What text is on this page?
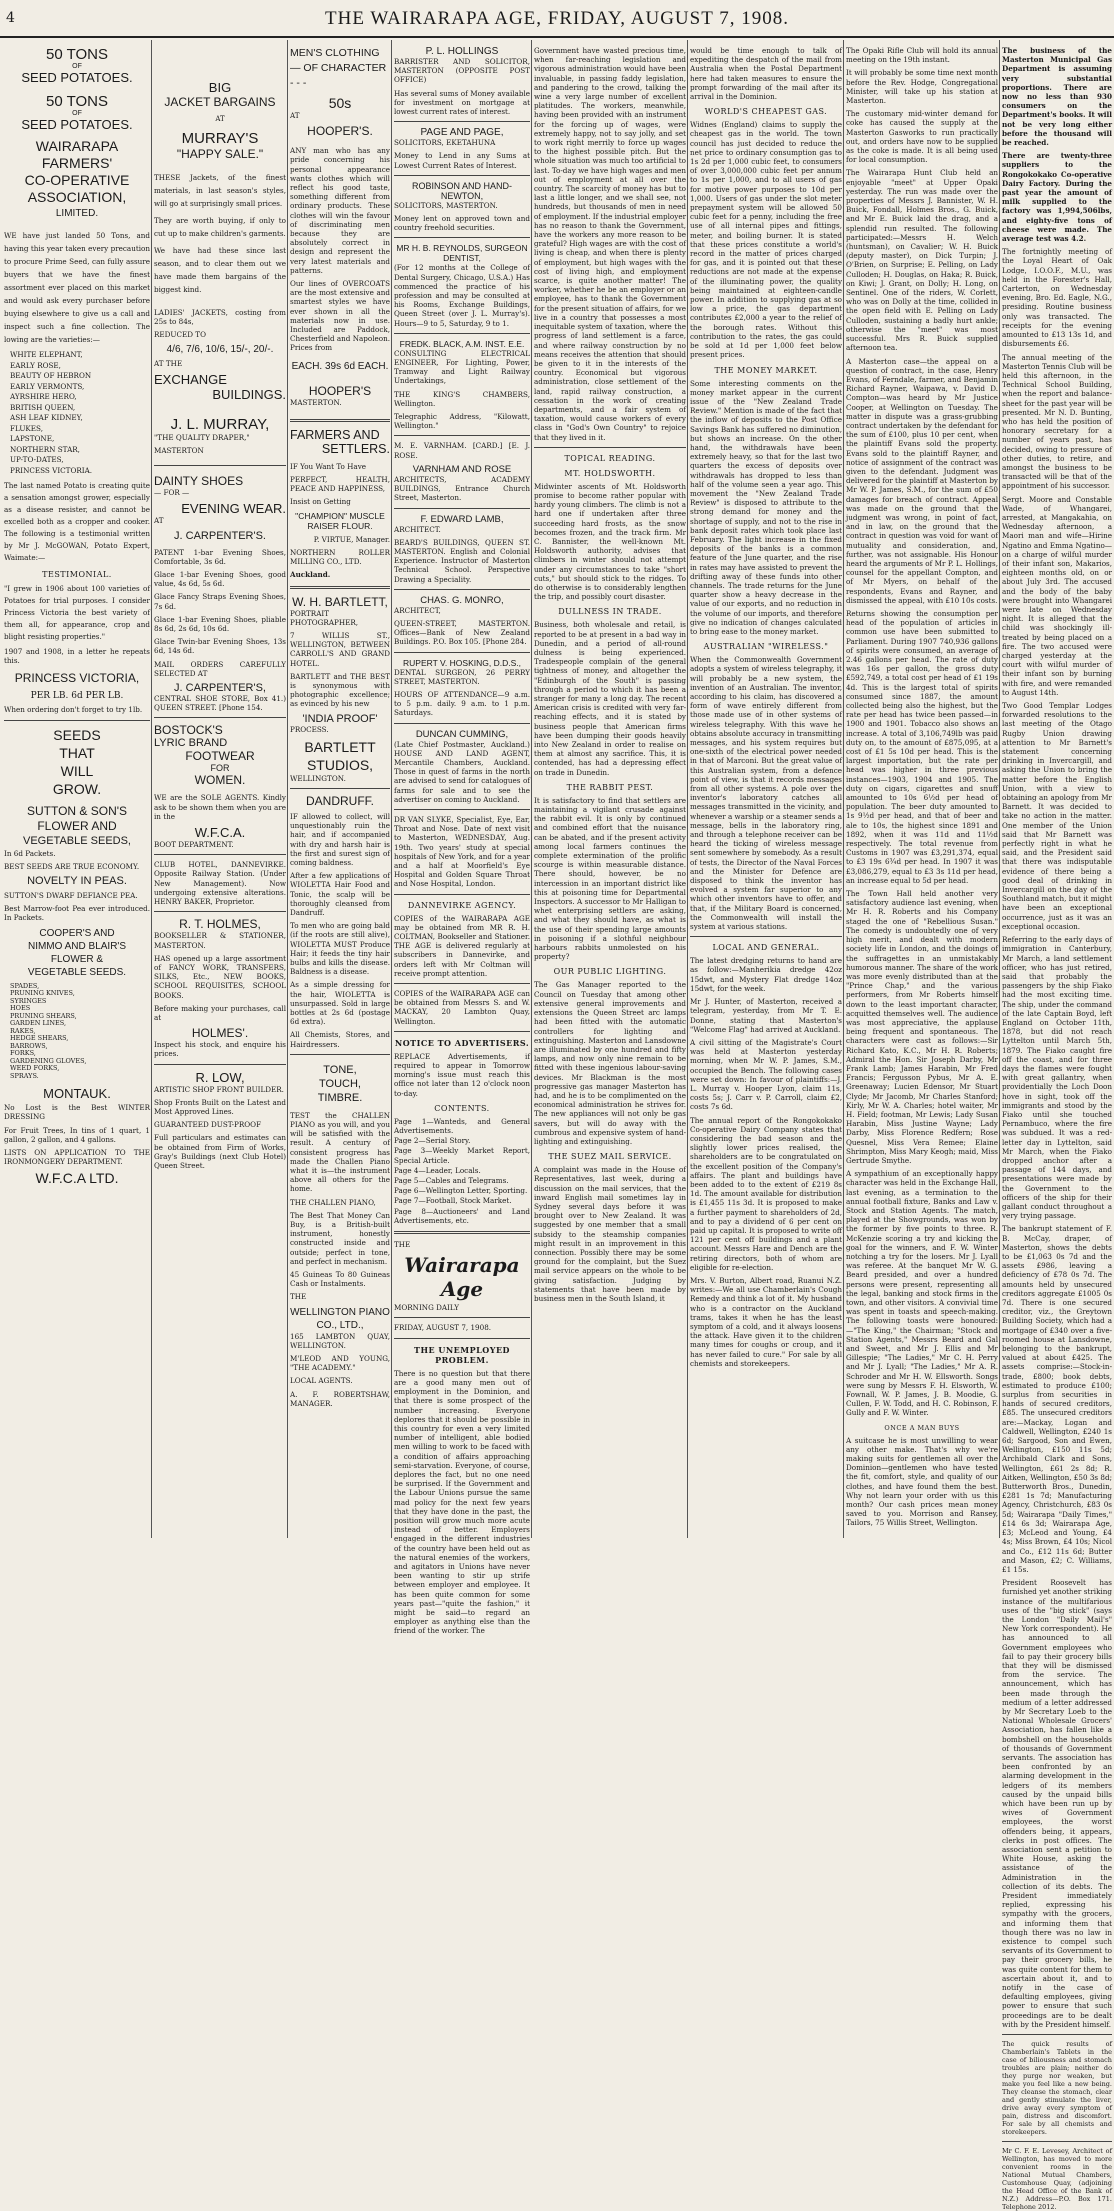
4	THE WAIRARAPA AGE, FRIDAY, AUGUST 7, 1908.
50 TONS
OF
SEED POTATOES.
50 TONS
OF
SEED POTATOES.
WAIRARAPA
FARMERS'
CO-OPERATIVE
ASSOCIATION,
LIMITED.

WE have just landed 50 Tons, and having this year taken every precaution to procure Prime Seed, can fully assure buyers that we have the finest assortment ever placed on this market and would ask every purchaser before buying elsewhere to give us a call and inspect such a fine collection. The lowing are the varieties:—

WHITE ELEPHANT,
EARLY ROSE,
BEAUTY OF HEBRON
EARLY VERMONTS,
AYRSHIRE HERO,
BRITISH QUEEN,
ASH LEAF KIDNEY,
FLUKES,
LAPSTONE,
NORTHERN STAR,
UP-TO-DATES,
PRINCESS VICTORIA.

The last named Potato is creating quite a sensation amongst grower, especially as a disease resister, and cannot be excelled both as a cropper and cooker. The following is a testimonial written by Mr J. McGOWAN, Potato Expert, Waimate:—

TESTIMONIAL.

"I grew in 1906 about 100 varieties of Potatoes for trial purposes. I consider Princess Victoria the best variety of them all, for appearance, crop and blight resisting properties."

1907 and 1908, in a letter he repeats this.

PRINCESS VICTORIA,
PER LB. 6d PER LB.

When ordering don't forget to try 1lb.

SEEDS
THAT
WILL
GROW.
SUTTON & SON'S
FLOWER AND
VEGETABLE SEEDS,

In 6d Packets.

BEST SEEDS ARE TRUE ECONOMY.

NOVELTY IN PEAS.

SUTTON'S DWARF DEFIANCE PEA.

Best Marrow-foot Pea ever introduced. In Packets.

COOPER'S AND
NIMMO AND BLAIR'S
FLOWER &
VEGETABLE SEEDS.
SPADES,
PRUNING KNIVES,
SYRINGES
HOES
PRUNING SHEARS,
GARDEN LINES,
RAKES,
HEDGE SHEARS,
BARROWS,
FORKS,
GARDENING GLOVES,
WEED FORKS,
SPRAYS.
MONTAUK.

No Lost is the Best WINTER DRESSING

For Fruit Trees, In tins of 1 quart, 1 gallon, 2 gallon, and 4 gallons.

LISTS ON APPLICATION TO THE IRONMONGERY DEPARTMENT.

W.F.C.A LTD.
BIG
JACKET BARGAINS
AT
MURRAY'S
"HAPPY SALE."

THESE Jackets, of the finest materials, in last season's styles, will go at surprisingly small prices.

They are worth buying, if only to cut up to make children's garments.

We have had these since last season, and to clear them out we have made them bargains of the biggest kind.

LADIES' JACKETS, costing from 25s to 84s,

REDUCED TO

4/6, 7/6, 10/6, 15/-, 20/-.

AT THE

EXCHANGE
BUILDINGS.
J. L. MURRAY,

"THE QUALITY DRAPER,"

MASTERTON

DAINTY SHOES

— FOR —

EVENING WEAR.

AT

J. CARPENTER'S.

PATENT 1-bar Evening Shoes, Comfortable, 3s 6d.

Glace 1-bar Evening Shoes, good value, 4s 6d, 5s 6d.

Glace Fancy Straps Evening Shoes, 7s 6d.

Glace 1-bar Evening Shoes, pliable 8s 6d, 2s 6d, 10s 6d.

Glace Twin-bar Evening Shoes, 13s 6d, 14s 6d.

MAIL ORDERS CAREFULLY SELECTED AT

J. CARPENTER'S,

CENTRAL SHOE STORE, Box 41.) QUEEN STREET. [Phone 154.

BOSTOCK'S
LYRIC BRAND
FOOTWEAR
FOR
WOMEN.

WE are the SOLE AGENTS. Kindly ask to be shown them when you are in the

W.F.C.A.

BOOT DEPARTMENT.

CLUB HOTEL, DANNEVIRKE. Opposite Railway Station. (Under New Management). Now undergoing extensive alterations. HENRY BAKER, Proprietor.

R. T. HOLMES,

BOOKSELLER & STATIONER, MASTERTON.

HAS opened up a large assortment of FANCY WORK, TRANSFERS, SILKS, Etc., NEW BOOKS, SCHOOL REQUISITES, SCHOOL BOOKS.

Before making your purchases, call at

HOLMES'.

Inspect his stock, and enquire his prices.

R. LOW,

ARTISTIC SHOP FRONT BUILDER.

Shop Fronts Built on the Latest and Most Approved Lines.

GUARANTEED DUST-PROOF

Full particulars and estimates can be obtained from Firm of Works, Gray's Buildings (next Club Hotel) Queen Street.

MEN'S CLOTHING — OF CHARACTER - - -
50s

AT

HOOPER'S.

ANY man who has any pride concerning his personal appearance wants clothes which will reflect his good taste, something different from ordinary products. These clothes will win the favour of discriminating men because they are absolutely correct in design and represent the very latest materials and patterns.

Our lines of OVERCOATS are the most extensive and smartest styles we have ever shown in all the materials now in use. Included are Paddock, Chesterfield and Napoleon. Prices from

EACH. 39s 6d EACH.
HOOPER'S

MASTERTON.

FARMERS AND
SETTLERS.

IF You Want To Have

PERFECT, HEALTH, PEACE AND HAPPINESS,

Insist on Getting

"CHAMPION" MUSCLE RAISER FLOUR.

P. VIRTUE, Manager.

NORTHERN ROLLER MILLING CO., LTD.

Auckland.

W. H. BARTLETT,

PORTRAIT PHOTOGRAPHER,

7 WILLIS ST., WELLINGTON, BETWEEN CARROLL'S AND GRAND HOTEL.

BARTLETT and THE BEST is synonymous with photographic excellence; as evinced by his new

'INDIA PROOF'

PROCESS.

BARTLETT STUDIOS,

WELLINGTON.

DANDRUFF.

IF allowed to collect, will unquestionably ruin the hair, and if accompanied with dry and harsh hair is the first and surest sign of coming baldness.

After a few applications of WIOLETTA Hair Food and Tonic, the scalp will be thoroughly cleansed from Dandruff.

To men who are going bald (if the roots are still alive), WIOLETTA MUST Produce Hair; it feeds the tiny hair bulbs and kills the disease. Baldness is a disease.

As a simple dressing for the hair, WIOLETTA is unsurpassed. Sold in large bottles at 2s 6d (postage 6d extra).

All Chemists, Stores, and Hairdressers.

TONE,
TOUCH,
TIMBRE.

TEST the CHALLEN PIANO as you will, and you will be satisfied with the result. A century of consistent progress has made the Challen Piano what it is—the instrument above all others for the home.

THE CHALLEN PIANO,

The Best That Money Can Buy, is a British-built instrument, honestly constructed inside and outside; perfect in tone, and perfect in mechanism.

45 Guineas To 80 Guineas Cash or Instalments.

THE

WELLINGTON PIANO CO., LTD.,

165 LAMBTON QUAY, WELLINGTON.

M'LEOD AND YOUNG, "THE ACADEMY."

LOCAL AGENTS.

A. F. ROBERTSHAW, MANAGER.

P. L. HOLLINGS

BARRISTER AND SOLICITOR, MASTERTON (OPPOSITE POST OFFICE)

Has several sums of Money available for investment on mortgage at lowest current rates of interest.

PAGE AND PAGE,

SOLICITORS, EKETAHUNA

Money to Lend in any Sums at Lowest Current Rates of Interest.

ROBINSON AND HAND-NEWTON,

SOLICITORS, MASTERTON.

Money lent on approved town and country freehold securities.

MR H. B. REYNOLDS, SURGEON DENTIST,

(For 12 months at the College of Dental Surgery, Chicago, U.S.A.) Has commenced the practice of his profession and may be consulted at his Rooms, Exchange Buildings, Queen Street (over J. L. Murray's). Hours—9 to 5, Saturday, 9 to 1.

FREDK. BLACK, A.M. INST. E.E.

CONSULTING ELECTRICAL ENGINEER, For Lighting, Power, Tramway and Light Railway Undertakings,

THE KING'S CHAMBERS, Wellington.

Telegraphic Address, "Kilowatt, Wellington."

M. E. VARNHAM. [CARD.] [E. J. ROSE.

VARNHAM AND ROSE

ARCHITECTS, ACADEMY BUILDINGS, Entrance Church Street, Masterton.

F. EDWARD LAMB,

ARCHITECT.

BEARD'S BUILDINGS, QUEEN ST. MASTERTON. English and Colonial Experience. Instructor of Masterton Technical School. Perspective Drawing a Speciality.

CHAS. G. MONRO,

ARCHITECT,

QUEEN-STREET, MASTERTON. Offices—Bank of New Zealand Buildings. P.O. Box 105. [Phone 284.

RUPERT V. HOSKING, D.D.S.,

DENTAL SURGEON, 26 PERRY STREET, MASTERTON.

HOURS OF ATTENDANCE—9 a.m. to 5 p.m. daily. 9 a.m. to 1 p.m. Saturdays.

DUNCAN CUMMING,

(Late Chief Postmaster, Auckland.) HOUSE AND LAND AGENT, Mercantile Chambers, Auckland. Those in quest of farms in the north are advised to send for catalogues of farms for sale and to see the advertiser on coming to Auckland.

DR VAN SLYKE, Specialist, Eye, Ear, Throat and Nose. Date of next visit to Masterton, WEDNESDAY, Aug. 19th. Two years' study at special hospitals of New York, and for a year and a half at Moorfield's Eye Hospital and Golden Square Throat and Nose Hospital, London.

DANNEVIRKE AGENCY.

COPIES of the WAIRARAPA AGE may be obtained from MR R. H. COLTMAN, Bookseller and Stationer. THE AGE is delivered regularly at subscribers in Dannevirke, and orders left with Mr Coltman will receive prompt attention.

COPIES of the WAIRARAPA AGE can be obtained from Messrs S. and W. MACKAY, 20 Lambton Quay, Wellington.

NOTICE TO ADVERTISERS.

REPLACE Advertisements, if required to appear in Tomorrow morning's issue must reach this office not later than 12 o'clock noon to-day.

CONTENTS.

Page 1—Wanteds, and General Advertisements.

Page 2—Serial Story.

Page 3—Weekly Market Report, Special Article.

Page 4—Leader, Locals.

Page 5—Cables and Telegrams.

Page 6—Wellington Letter, Sporting.

Page 7—Football, Stock Market.

Page 8—Auctioneers' and Land Advertisements, etc.

THE

Wairarapa Age

MORNING DAILY

FRIDAY, AUGUST 7, 1908.

THE UNEMPLOYED PROBLEM.

There is no question but that there are a good many men out of employment in the Dominion, and that there is some prospect of the number increasing. Everyone deplores that it should be possible in this country for even a very limited number of intelligent, able bodied men willing to work to be faced with a condition of affairs approaching semi-starvation. Everyone, of course, deplores the fact, but no one need be surprised. If the Government and the Labour Unions pursue the same mad policy for the next few years that they have done in the past, the position will grow much more acute instead of better. Employers engaged in the different industries of the country have been held out as the natural enemies of the workers, and agitators in Unions have never been wanting to stir up strife between employer and employee. It has been quite common for some years past—"quite the fashion," it might be said—to regard an employer as anything else than the friend of the worker. The

Government have wasted precious time, when far-reaching legislation and vigorous administration would have been invaluable, in passing faddy legislation, and pandering to the crowd, talking the wine a very large number of excellent platitudes. The workers, meanwhile, having been provided with an instrument for the forcing up of wages, were extremely happy, not to say jolly, and set to work right merrily to force up wages to the highest possible pitch. But the whole situation was much too artificial to last. To-day we have high wages and men out of employment at all over the country. The scarcity of money has but to last a little longer, and we shall see, not hundreds, but thousands of men in need of employment. If the industrial employer has no reason to thank the Government, have the workers any more reason to be grateful? High wages are with the cost of living is cheap, and when there is plenty of employment, but high wages with the cost of living high, and employment scarce, is quite another matter! The worker, whether he be an employer or an employee, has to thank the Government for the present situation of affairs, for we live in a country that possesses a most inequitable system of taxation, where the progress of land settlement is a farce, and where railway construction by no means receives the attention that should be given to it in the interests of the country. Economical but vigorous administration, close settlement of the land, rapid railway construction, a cessation in the work of creating departments, and a fair system of taxation, would cause workers of every class in "God's Own Country" to rejoice that they lived in it.

TOPICAL READING.
MT. HOLDSWORTH.

Midwinter ascents of Mt. Holdsworth promise to become rather popular with hardy young climbers. The climb is not a hard one if undertaken after three succeeding hard frosts, as the snow becomes frozen, and the track firm. Mr C. Bannister, the well-known Mt. Holdsworth authority, advises that climbers in winter should not attempt under any circumstances to take "short cuts," but should stick to the ridges. To do otherwise is to considerably lengthen the trip, and possibly court disaster.

DULLNESS IN TRADE.

Business, both wholesale and retail, is reported to be at present in a bad way in Dunedin, and a period of all-round dulness is being experienced. Tradespeople complain of the general tightness of money, and altogether the "Edinburgh of the South" is passing through a period to which it has been a stranger for many a long day. The recent American crisis is credited with very far-reaching effects, and it is stated by business people that American firms have been dumping their goods heavily into New Zealand in order to realise on them at almost any sacrifice. This, it is contended, has had a depressing effect on trade in Dunedin.

THE RABBIT PEST.

It is satisfactory to find that settlers are maintaining a vigilant crusade against the rabbit evil. It is only by continued and combined effort that the nuisance can be abated, and if the present activity among local farmers continues the complete extermination of the prolific scourge is within measurable distance. There should, however, be no intercession in an important district like this at poisoning time for Departmental Inspectors. A successor to Mr Halligan to whet enterprising settlers are asking, and what they should have, as what is the use of their spending large amounts in poisoning if a slothful neighbour harbours rabbits unmolested on his property?

OUR PUBLIC LIGHTING.

The Gas Manager reported to the Council on Tuesday that among other extensive general improvements and extensions the Queen Street arc lamps had been fitted with the automatic controllers for lighting and extinguishing. Masterton and Lansdowne are illuminated by one hundred and fifty lamps, and now only nine remain to be fitted with these ingenious labour-saving devices. Mr Blackman is the most progressive gas manager Masterton has had, and he is to be complimented on the economical administration he strives for. The new appliances will not only be gas savers, but will do away with the cumbrous and expensive system of hand-lighting and extinguishing.

THE SUEZ MAIL SERVICE.

A complaint was made in the House of Representatives, last week, during a discussion on the mail services, that the inward English mail sometimes lay in Sydney several days before it was brought over to New Zealand. It was suggested by one member that a small subsidy to the steamship companies might result in an improvement in this connection. Possibly there may be some ground for the complaint, but the Suez mail service appears on the whole to be giving satisfaction. Judging by statements that have been made by business men in the South Island, it

would be time enough to talk of expediting the despatch of the mail from Australia when the Postal Department here had taken measures to ensure the prompt forwarding of the mail after its arrival in the Dominion.

WORLD'S CHEAPEST GAS.

Widnes (England) claims to supply the cheapest gas in the world. The town council has just decided to reduce the net price to ordinary consumption gas to 1s 2d per 1,000 cubic feet, to consumers of over 3,000,000 cubic feet per annum to 1s per 1,000, and to all users of gas for motive power purposes to 10d per 1,000. Users of gas under the slot meter prepayment system will be allowed 50 cubic feet for a penny, including the free use of all internal pipes and fittings, meter, and boiling burner. It is stated that these prices constitute a world's record in the matter of prices charged for gas, and it is pointed out that these reductions are not made at the expense of the illuminating power, the quality being maintained at eighteen-candle power. In addition to supplying gas at so low a price, the gas department contributes £2,000 a year to the relief of the borough rates. Without this contribution to the rates, the gas could be sold at 1d per 1,000 feet below present prices.

THE MONEY MARKET.

Some interesting comments on the money market appear in the current issue of the "New Zealand Trade Review." Mention is made of the fact that the inflow of deposits to the Post Office Savings Bank has suffered no diminution, but shows an increase. On the other hand, the withdrawals have been extremely heavy, so that for the last two quarters the excess of deposits over withdrawals has dropped to less than half of the volume seen a year ago. This movement the "New Zealand Trade Review" is disposed to attribute to the strong demand for money and the shortage of supply, and not to the rise in bank deposit rates which took place last February. The light increase in the fixed deposits of the banks is a common feature of the June quarter, and the rise in rates may have assisted to prevent the drifting away of these funds into other channels. The trade returns for the June quarter show a heavy decrease in the value of our exports, and no reduction in the volume of our imports, and therefore give no indication of changes calculated to bring ease to the money market.

AUSTRALIAN "WIRELESS."

When the Commonwealth Government adopts a system of wireless telegraphy, it will probably be a new system, the invention of an Australian. The inventor, according to his claim, has discovered a form of wave entirely different from those made use of in other systems of wireless telegraphy. With this wave he obtains absolute accuracy in transmitting messages, and his system requires but one-sixth of the electrical power needed in that of Marconi. But the great value of this Australian system, from a defence point of view, is that it records messages from all other systems. A pole over the inventor's laboratory catches all messages transmitted in the vicinity, and whenever a warship or a steamer sends a message, bells in the laboratory ring, and through a telephone receiver can be heard the ticking of wireless message sent somewhere by somebody. As a result of tests, the Director of the Naval Forces and the Minister for Defence are disposed to think the inventor has evolved a system far superior to any which other inventors have to offer, and that, if the Military Board is concerned, the Commonwealth will install the system at various stations.

LOCAL AND GENERAL.

The latest dredging returns to hand are as follow:—Manherikia dredge 42oz 15dwt, and Mystery Flat dredge 14oz 15dwt, for the week.

Mr J. Hunter, of Masterton, received a telegram, yesterday, from Mr T. E. Donne, stating that Masterton's "Welcome Flag" had arrived at Auckland.

A civil sitting of the Magistrate's Court was held at Masterton yesterday morning, when Mr W. P. James, S.M., occupied the Bench. The following cases were set down: In favour of plaintiffs:—J. L. Murray v. Hooper Lyon, claim 11s, costs 5s; J. Carr v. P. Carroll, claim £2, costs 7s 6d.

The annual report of the Rongokokako Co-operative Dairy Company states that considering the bad season and the slightly lower prices realised, the shareholders are to be congratulated on the excellent position of the Company's affairs. The plant and buildings have been added to to the extent of £219 8s 1d. The amount available for distribution is £1,455 11s 3d. It is proposed to make a further payment to shareholders of 2d, and to pay a dividend of 6 per cent on paid up capital. It is proposed to write off 121 per cent off buildings and a plant account. Messrs Hare and Dench are the retiring directors, both of whom are eligible for re-election.

Mrs. V. Burton, Albert road, Ruanui N.Z. writes:—We all use Chamberlain's Cough Remedy and think a lot of it. My husband who is a contractor on the Auckland trams, takes it when he has the least symptom of a cold, and it always loosens the attack. Have given it to the children many times for coughs or croup, and it has never failed to cure." For sale by all chemists and storekeepers.

The Opaki Rifle Club will hold its annual meeting on the 19th instant.

It will probably be some time next month before the Rev. Hodge, Congregational Minister, will take up his station at Masterton.

The customary mid-winter demand for coke has caused the supply at the Masterton Gasworks to run practically out, and orders have now to be supplied as the coke is made. It is all being used for local consumption.

The Wairarapa Hunt Club held an enjoyable "meet" at Upper Opaki yesterday. The run was made over the properties of Messrs J. Bannister, W. H. Buick, Fondall, Holmes Bros., G. Buick, and Mr E. Buick laid the drag, and a splendid run resulted. The following participated:—Messrs H. Welch (huntsman), on Cavalier; W. H. Buick (deputy master), on Dick Turpin; J. O'Brien, on Surprise; E. Pelling, on Lady Culloden; H. Douglas, on Haka; R. Buick, on Kiwi; J. Grant, on Dolly; H. Long, on Sentinel. One of the riders, W. Corlett, who was on Dolly at the time, collided in the open field with E. Pelling on Lady Culloden, sustaining a badly hurt ankle; otherwise the "meet" was most successful. Mrs R. Buick supplied afternoon tea.

A Masterton case—the appeal on a question of contract, in the case, Henry Evans, of Ferndale, farmer, and Benjamin Richard Rayner, Waipawa, v. David D. Compton—was heard by Mr Justice Cooper, at Wellington on Tuesday. The matter in dispute was a grass-grubbing contract undertaken by the defendant for the sum of £100, plus 10 per cent, when the plaintiff Evans sold the property. Evans sold to the plaintiff Rayner, and notice of assignment of the contract was given to the defendant. Judgment was delivered for the plaintiff at Masterton by Mr W. P. James, S.M., for the sum of £50 damages for breach of contract. Appeal was made on the ground that the judgment was wrong, in point of fact, and in law, on the ground that the contract in question was void for want of mutuality and consideration, and, further, was not assignable. His Honour heard the arguments of Mr P. L. Hollings, counsel for the appellant Compton, and of Mr Myers, on behalf of the respondents, Evans and Rayner, and dismissed the appeal, with £10 10s costs.

Returns showing the consumption per head of the population of articles in common use have been submitted to Parliament. During 1907 740,936 gallons of spirits were consumed, an average of 2.46 gallons per head. The rate of duty was 16s per gallon, the gross duty £592,749, a total cost per head of £1 19s 4d. This is the largest total of spirits consumed since 1887, the amount collected being also the highest, but the rate per head has twice been passed—in 1900 and 1901. Tobacco also shows an increase. A total of 3,106,749lb was paid duty on, to the amount of £875,095, at a cost of £1 5s 10d per head. This is the largest importation, but the rate per head was higher in three previous instances—1903, 1904 and 1905. The duty on cigars, cigarettes and snuff amounted to 10s 6½d per head of population. The beer duty amounted to 1s 9½d per head, and that of beer and ale to 10s, the highest since 1891 and 1892, when it was 11d and 11½d respectively. The total revenue from Customs in 1907 was £3,291,374, equal to £3 19s 6¾d per head. In 1907 it was £3,086,279, equal to £3 3s 11d per head, an increase equal to 5d per head.

The Town Hall held another very satisfactory audience last evening, when Mr H. R. Roberts and his Company staged the one of "Rebellious Susan." The comedy is undoubtedly one of very high merit, and dealt with modern society life in London, and the doings of the suffragettes in an unmistakably humorous manner. The share of the work was more evenly distributed than at the "Prince Chap," and the various performers, from Mr Roberts himself down to the least important character, acquitted themselves well. The audience was most appreciative, the applause being frequent and spontaneous. The characters were cast as follows:—Sir Richard Kato, K.C., Mr H. R. Roberts; Admiral the Hon. Sir Joseph Darby, Mr Frank Lamb; James Harabin, Mr Fred Francis; Fergusson Pybus, Mr A. E. Greenaway; Lucien Edensor, Mr Stuart Clyde; Mr Jacomb, Mr Charles Stanford; Kirly, Mr W. A. Charles; hotel waiter, Mr H. Field; footman, Mr Lewis; Lady Susan Harabin, Miss Justine Wayne; Lady Darby, Miss Florence Redfern; Rose Quesnel, Miss Vera Remee; Elaine Shrimpton, Miss Mary Keogh; maid, Miss Gertrude Smythe.

A sympathium of an exceptionally happy character was held in the Exchange Hall, last evening, as a termination to the annual football fixture, Banks and Law v. Stock and Station Agents. The match, played at the Showgrounds, was won by the former by five points to three. R. McKenzie scoring a try and kicking the goal for the winners, and F. W. Winter notching a try for the losers. Mr J. Lyall was referee. At the banquet Mr W. G. Beard presided, and over a hundred persons were present, representing all the legal, banking and stock firms in the town, and other visitors. A convivial time was spent in toasts and speech-making. The following toasts were honoured:—"The King," the Chairman; "Stock and Station Agents," Messrs Beard and Gal and Sweet, and Mr J. Ellis and Mr Gillespie; "The Ladies," Mr C. H. Perry and Mr J. Lyall; "The Ladies," Mr A. R. Schroder and Mr H. W. Ellsworth. Songs were sung by Messrs F. H. Elsworth, W. Fownall, W. P. James, J. B. Moodie, G. Cullen, F. W. Todd, and H. C. Robinson, F. Gully and F. W. Winter.

ONCE A MAN BUYS

A suitcase he is most unwilling to wear any other make. That's why we're making suits for gentlemen all over the Dominion—gentlemen who have tested the fit, comfort, style, and quality of our clothes, and have found them the best. Why not learn your order with us this month? Our cash prices mean money saved to you. Morrison and Ransey, Tailors, 75 Willis Street, Wellington.

The business of the Masterton Municipal Gas Department is assuming very substantial proportions. There are now no less than 930 consumers on the Department's books. It will not be very long either before the thousand will be reached.

There are twenty-three suppliers to the Rongokokako Co-operative Dairy Factory. During the past year the amount of milk supplied to the factory was 1,994,506lbs, and eighty-five tons of cheese were made. The average test was 4.2.

The fortnightly meeting of the Loyal Heart of Oak Lodge, I.O.O.F., M.U., was held in the Forester's Hall, Carterton, on Wednesday evening, Bro. Ed. Eagle, N.G., presiding. Routine business only was transacted. The receipts for the evening amounted to £13 13s 1d, and disbursements £6.

The annual meeting of the Masterton Tennis Club will be held this afternoon, in the Technical School Building, when the report and balance-sheet for the past year will be presented. Mr N. D. Bunting, who has held the position of honorary secretary for a number of years past, has decided, owing to pressure of other duties, to retire, and amongst the business to be transacted will be that of the appointment of his successor.

Sergt. Moore and Constable Wade, of Whangarei, arrested, at Mangakahia, on Wednesday afternoon, a Maori man and wife—Hirine Ngatino and Emma Ngatino—on a charge of wilful murder of their infant son, Makarios, eighteen months old, on or about July 3rd. The accused and the body of the baby were brought into Whangarei were late on Wednesday night. It is alleged that the child was shockingly ill-treated by being placed on a fire. The two accused were charged yesterday at the court with wilful murder of their infant son by burning with fire, and were remanded to August 14th.

Two Good Templar Lodges forwarded resolutions to the last meeting of the Otago Rugby Union drawing attention to Mr Barnett's statement concerning drinking in Invercargill, and asking the Union to bring the matter before the English Union, with a view to obtaining an apology from Mr Barnett. It was decided to take no action in the matter. One member of the Union said that Mr Barnett was perfectly right in what he said, and the President said that there was indisputable evidence of there being a good deal of drinking in Invercargill on the day of the Southland match, but it might have been an exceptional occurrence, just as it was an exceptional occasion.

Referring to the early days of immigration in Canterbury, Mr March, a land settlement officer, who has just retired, said that probably the passengers by the ship Fiako had the most exciting time. The ship, under the command of the late Captain Boyd, left England on October 11th, 1878, but did not reach Lyttelton until March 5th, 1879. The Fiako caught fire off the coast, and for three days the flames were fought with great gallantry, when providentially the Loch Doon hove in sight, took off the immigrants and stood by the Fiako until she touched Pernambuco, where the fire was subdued. It was a red-letter day in Lyttelton, said Mr March, when the Fiako dropped anchor after a passage of 144 days, and presentations were made by the Government to the officers of the ship for their gallant conduct throughout a very trying passage.

The bankrupt statement of F. B. McCay, draper, of Masterton, shows the debts to be £1,063 0s 7d and the assets £986, leaving a deficiency of £78 0s 7d. The amounts held by unsecured creditors aggregate £1005 0s 7d. There is one secured creditor, viz., the Greytown Building Society, which had a mortgage of £340 over a five-roomed house at Lansdowne, belonging to the bankrupt, valued at about £425. The assets comprise:—Stock-in-trade, £800; book debts, estimated to produce £100; surplus from securities in hands of secured creditors, £85. The unsecured creditors are:—Mackay, Logan and Caldwell, Wellington, £240 1s 6d; Sargood, Son and Ewen, Wellington, £150 11s 5d; Archibald Clark and Sons, Wellington, £61 2s 8d; R. Aitken, Wellington, £50 3s 8d; Butterworth Bros., Dunedin, £281 1s 7d; Manufacturing Agency, Christchurch, £83 0s 5d; Wairarapa "Daily Times," £14 6s 3d; Wairarapa Age, £3; McLeod and Young, £4 4s; Miss Brown, £4 10s; Nicol and Co., £12 11s 6d; Butter and Mason, £2; C. Williams, £1 15s.

President Roosevelt has furnished yet another striking instance of the multifarious uses of the "big stick" (says the London "Daily Mail's" New York correspondent). He has announced to all Government employees who fail to pay their grocery bills that they will be dismissed from the service. The announcement, which has been made through the medium of a letter addressed by Mr Secretary Loeb to the National Wholesale Grocers' Association, has fallen like a bombshell on the households of thousands of Government servants. The association has been confronted by an alarming development in the ledgers of its members caused by the unpaid bills which have been run up by wives of Government employees, the worst offenders being, it appears, clerks in post offices. The association sent a petition to White House, asking the assistance of the Administration in the collection of its debts. The President immediately replied, expressing his sympathy with the grocers, and informing them that though there was no law in existence to compel such servants of its Government to pay their grocery bills, he was quite content for them to ascertain about it, and to notify in the case of defaulting employees, giving power to ensure that such proceedings are to be dealt with by the President himself.

The quick results of Chamberlain's Tablets in the case of biliousness and stomach troubles are plain; neither do they purge nor weaken, but make you feel like a new being. They cleanse the stomach, clear and gently stimulate the liver, drive away every symptom of pain, distress and discomfort. For sale by all chemists and storekeepers.

Mr C. F. E. Levesey, Architect of Wellington, has moved to more convenient rooms in the National Mutual Chambers, Customhouse Quay, (adjoining the Head Office of the Bank of N.Z.) Address—P.O. Box 171. Telephone 2012.
